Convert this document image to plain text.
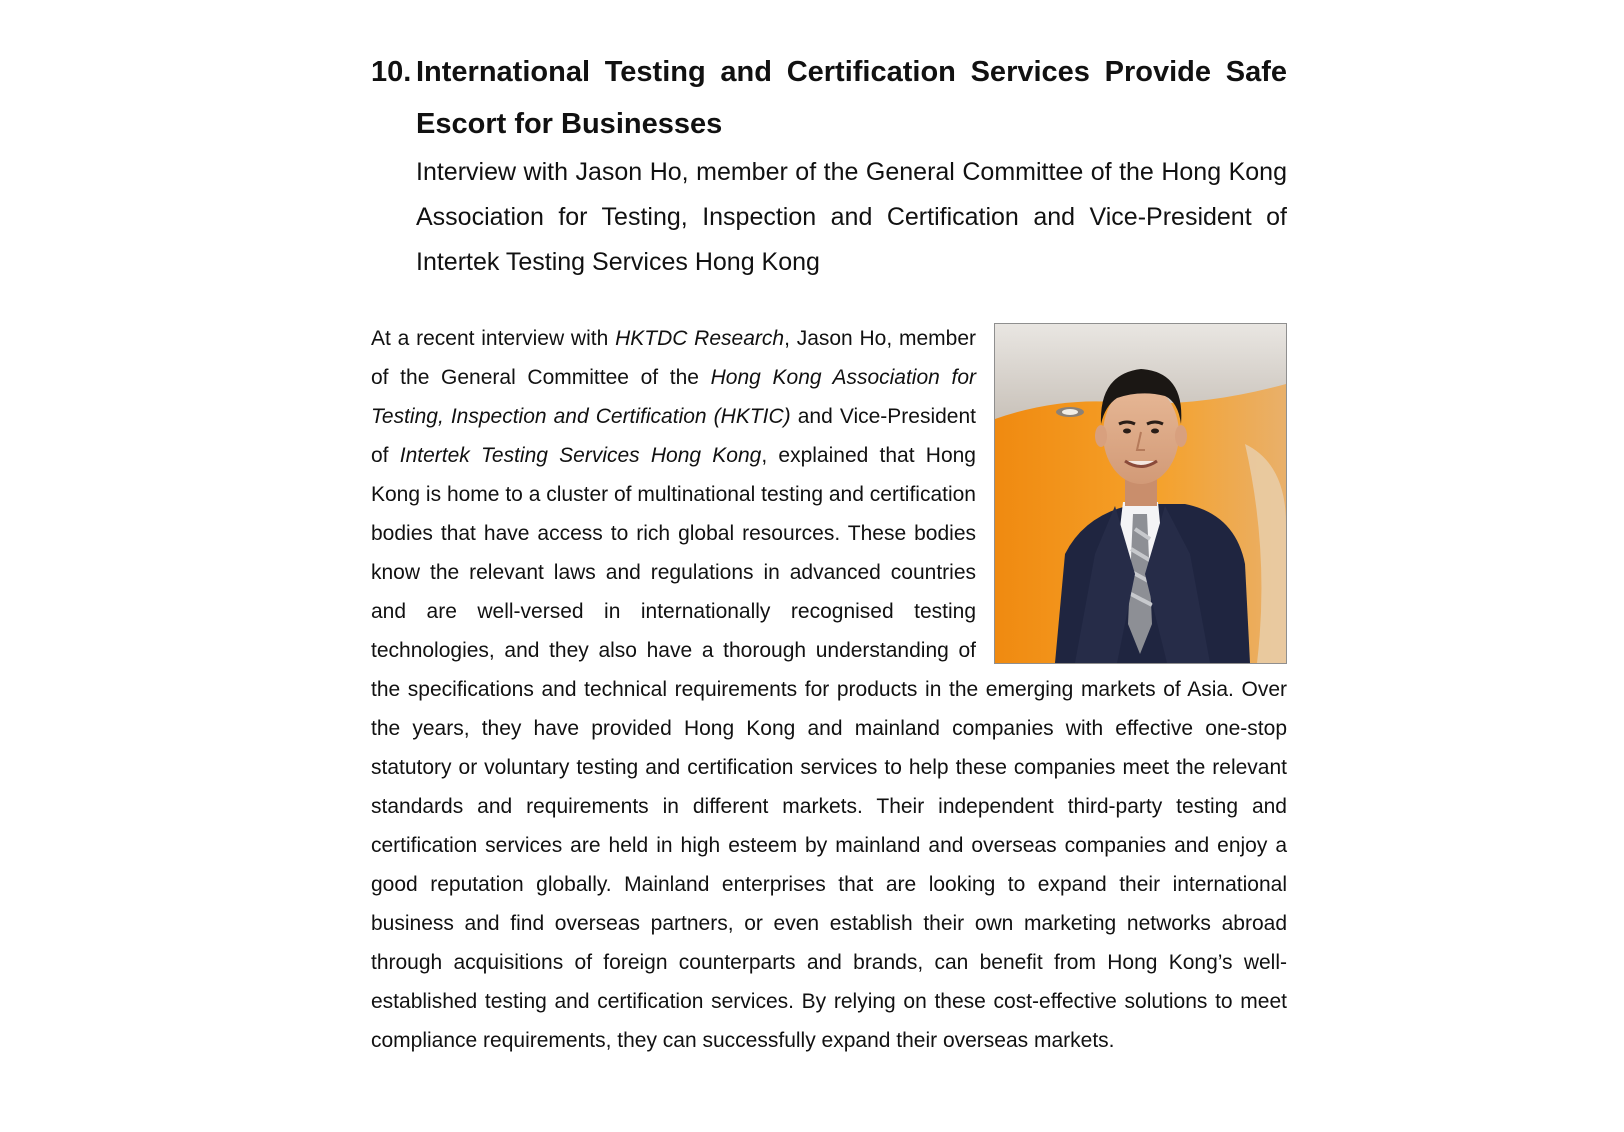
10. International Testing and Certification Services Provide Safe Escort for Businesses
Interview with Jason Ho, member of the General Committee of the Hong Kong Association for Testing, Inspection and Certification and Vice-President of Intertek Testing Services Hong Kong
At a recent interview with HKTDC Research, Jason Ho, member of the General Committee of the Hong Kong Association for Testing, Inspection and Certification (HKTIC) and Vice-President of Intertek Testing Services Hong Kong, explained that Hong Kong is home to a cluster of multinational testing and certification bodies that have access to rich global resources. These bodies know the relevant laws and regulations in advanced countries and are well-versed in internationally recognised testing technologies, and they also have a thorough understanding of the specifications and technical requirements for products in the emerging markets of Asia. Over the years, they have provided Hong Kong and mainland companies with effective one-stop statutory or voluntary testing and certification services to help these companies meet the relevant standards and requirements in different markets. Their independent third-party testing and certification services are held in high esteem by mainland and overseas companies and enjoy a good reputation globally. Mainland enterprises that are looking to expand their international business and find overseas partners, or even establish their own marketing networks abroad through acquisitions of foreign counterparts and brands, can benefit from Hong Kong’s well-established testing and certification services. By relying on these cost-effective solutions to meet compliance requirements, they can successfully expand their overseas markets.
